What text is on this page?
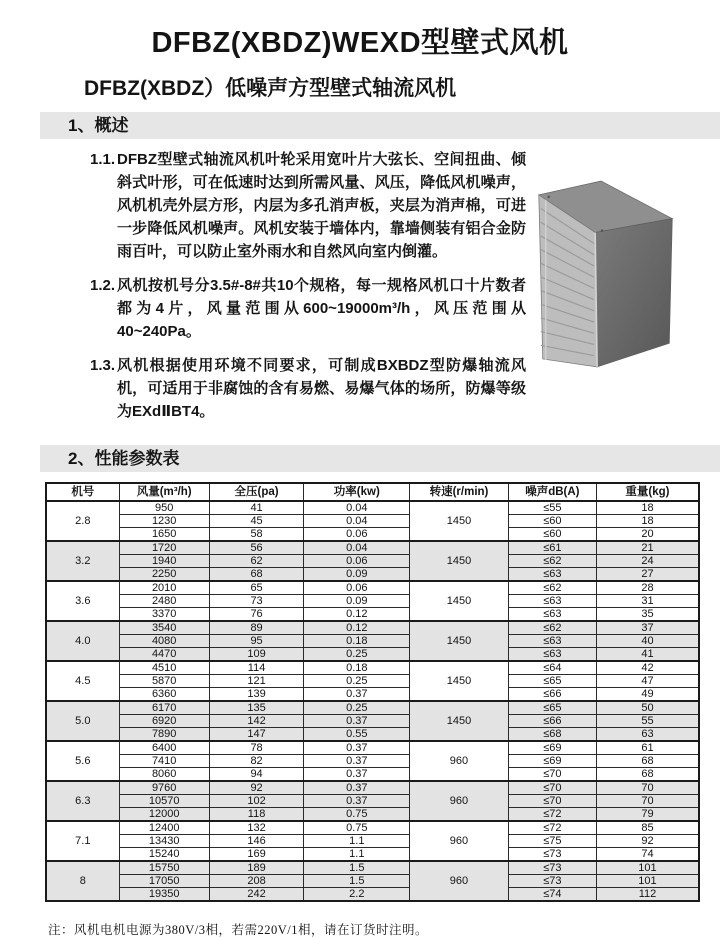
DFBZ(XBDZ)WEXD型壁式风机
DFBZ(XBDZ）低噪声方型壁式轴流风机
1、概述
1.1. DFBZ型壁式轴流风机叶轮采用宽叶片大弦长、空间扭曲、倾斜式叶形，可在低速时达到所需风量、风压，降低风机噪声，风机机壳外层方形，内层为多孔消声板，夹层为消声棉，可进一步降低风机噪声。风机安装于墙体内，靠墙侧装有铝合金防雨百叶，可以防止室外雨水和自然风向室内倒灌。
1.2. 风机按机号分3.5#-8#共10个规格，每一规格风机口十片数者都为4片，风量范围从600~19000m³/h，风压范围从40~240Pa。
1.3. 风机根据使用环境不同要求，可制成BXBDZ型防爆轴流风机，可适用于非腐蚀的含有易燃、易爆气体的场所，防爆等级为EXdⅡBT4。
2、性能参数表
机号	风量(m³/h)	全压(pa)	功率(kw)	转速(r/min)	噪声dB(A)	重量(kg)
2.8	950	41	0.04	1450	≤55	18
	1230	45	0.04		≤60	18
	1650	58	0.06		≤60	20
3.2	1720	56	0.04	1450	≤61	21
	1940	62	0.06		≤62	24
	2250	68	0.09		≤63	27
3.6	2010	65	0.06	1450	≤62	28
	2480	73	0.09		≤63	31
	3370	76	0.12		≤63	35
4.0	3540	89	0.12	1450	≤62	37
	4080	95	0.18		≤63	40
	4470	109	0.25		≤63	41
4.5	4510	114	0.18	1450	≤64	42
	5870	121	0.25		≤65	47
	6360	139	0.37		≤66	49
5.0	6170	135	0.25	1450	≤65	50
	6920	142	0.37		≤66	55
	7890	147	0.55		≤68	63
5.6	6400	78	0.37	960	≤69	61
	7410	82	0.37		≤69	68
	8060	94	0.37		≤70	68
6.3	9760	92	0.37	960	≤70	70
	10570	102	0.37		≤70	70
	12000	118	0.75		≤72	79
7.1	12400	132	0.75	960	≤72	85
	13430	146	1.1		≤75	92
	15240	169	1.1		≤73	74
8	15750	189	1.5	960	≤73	101
	17050	208	1.5		≤73	101
	19350	242	2.2		≤74	112
注：风机电机电源为380V/3相，若需220V/1相，请在订货时注明。
